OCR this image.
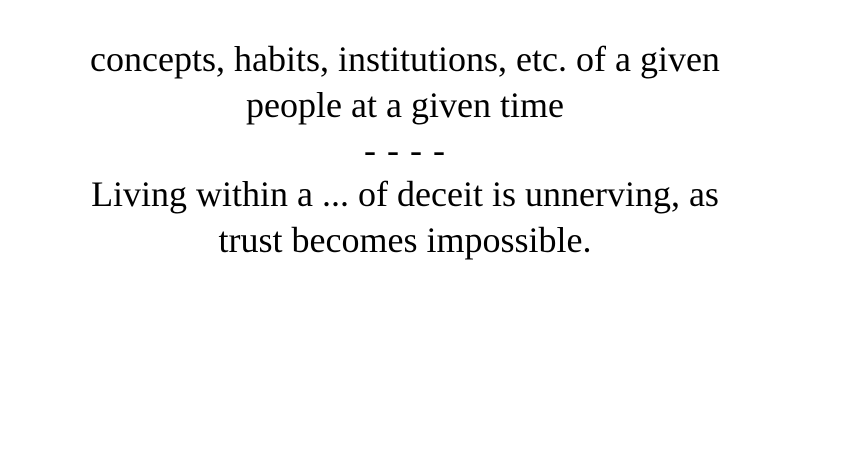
concepts, habits, institutions, etc. of a given
people at a given time
- - - -
Living within a ... of deceit is unnerving, as
trust becomes impossible.
